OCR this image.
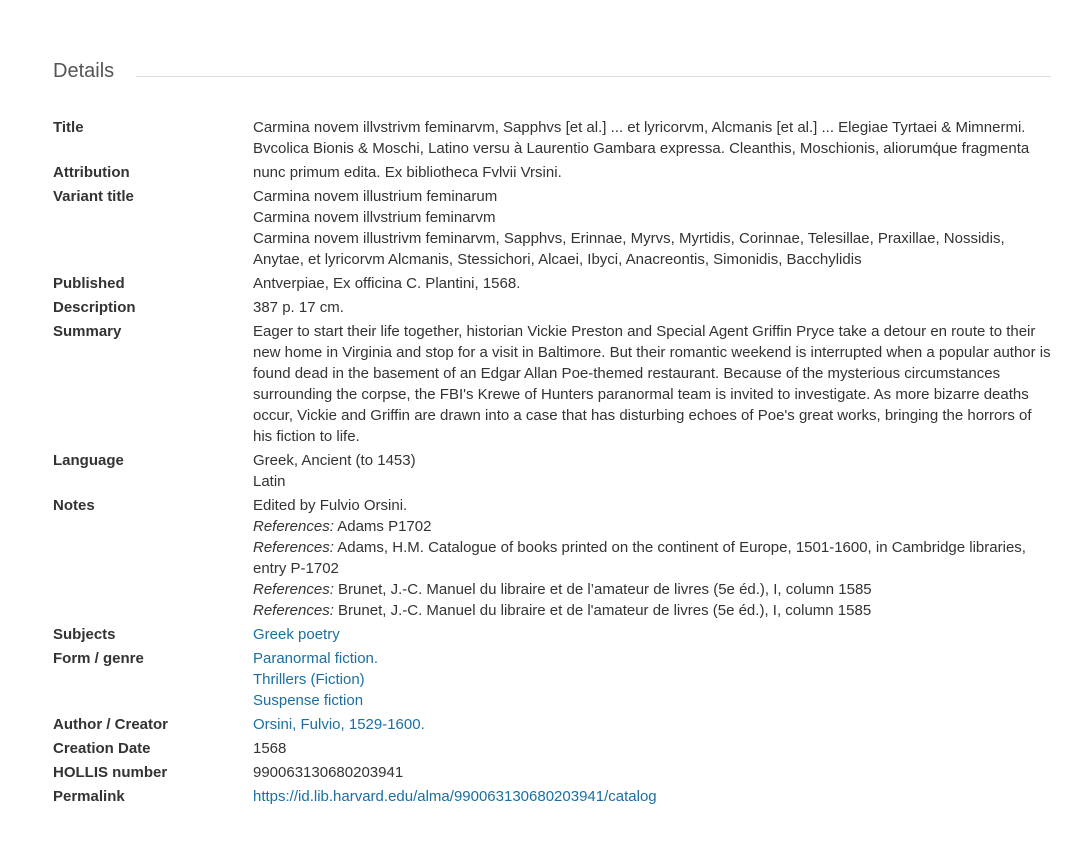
Details
Title	Carmina novem illvstrivm feminarvm, Sapphvs [et al.] ... et lyricorvm, Alcmanis [et al.] ... Elegiae Tyrtaei & Mimnermi. Bvcolica Bionis & Moschi, Latino versu à Laurentio Gambara expressa. Cleanthis, Moschionis, aliorumq́ue fragmenta
Attribution	nunc primum edita. Ex bibliotheca Fvlvii Vrsini.
Variant title	Carmina novem illustrium feminarum
Carmina novem illvstrium feminarvm
Carmina novem illustrivm feminarvm, Sapphvs, Erinnae, Myrvs, Myrtidis, Corinnae, Telesillae, Praxillae, Nossidis, Anytae, et lyricorvm Alcmanis, Stessichori, Alcaei, Ibyci, Anacreontis, Simonidis, Bacchylidis
Published	Antverpiae, Ex officina C. Plantini, 1568.
Description	387 p. 17 cm.
Summary	Eager to start their life together, historian Vickie Preston and Special Agent Griffin Pryce take a detour en route to their new home in Virginia and stop for a visit in Baltimore. But their romantic weekend is interrupted when a popular author is found dead in the basement of an Edgar Allan Poe-themed restaurant. Because of the mysterious circumstances surrounding the corpse, the FBI's Krewe of Hunters paranormal team is invited to investigate. As more bizarre deaths occur, Vickie and Griffin are drawn into a case that has disturbing echoes of Poe's great works, bringing the horrors of his fiction to life.
Language	Greek, Ancient (to 1453)
Latin
Notes	Edited by Fulvio Orsini.
References: Adams P1702
References: Adams, H.M. Catalogue of books printed on the continent of Europe, 1501-1600, in Cambridge libraries, entry P-1702
References: Brunet, J.-C. Manuel du libraire et de l’amateur de livres (5e éd.), I, column 1585
References: Brunet, J.-C. Manuel du libraire et de l'amateur de livres (5e éd.), I, column 1585
Subjects	Greek poetry
Form / genre	Paranormal fiction.
Thrillers (Fiction)
Suspense fiction
Author / Creator	Orsini, Fulvio, 1529-1600.
Creation Date	1568
HOLLIS number	990063130680203941
Permalink	https://id.lib.harvard.edu/alma/990063130680203941/catalog
